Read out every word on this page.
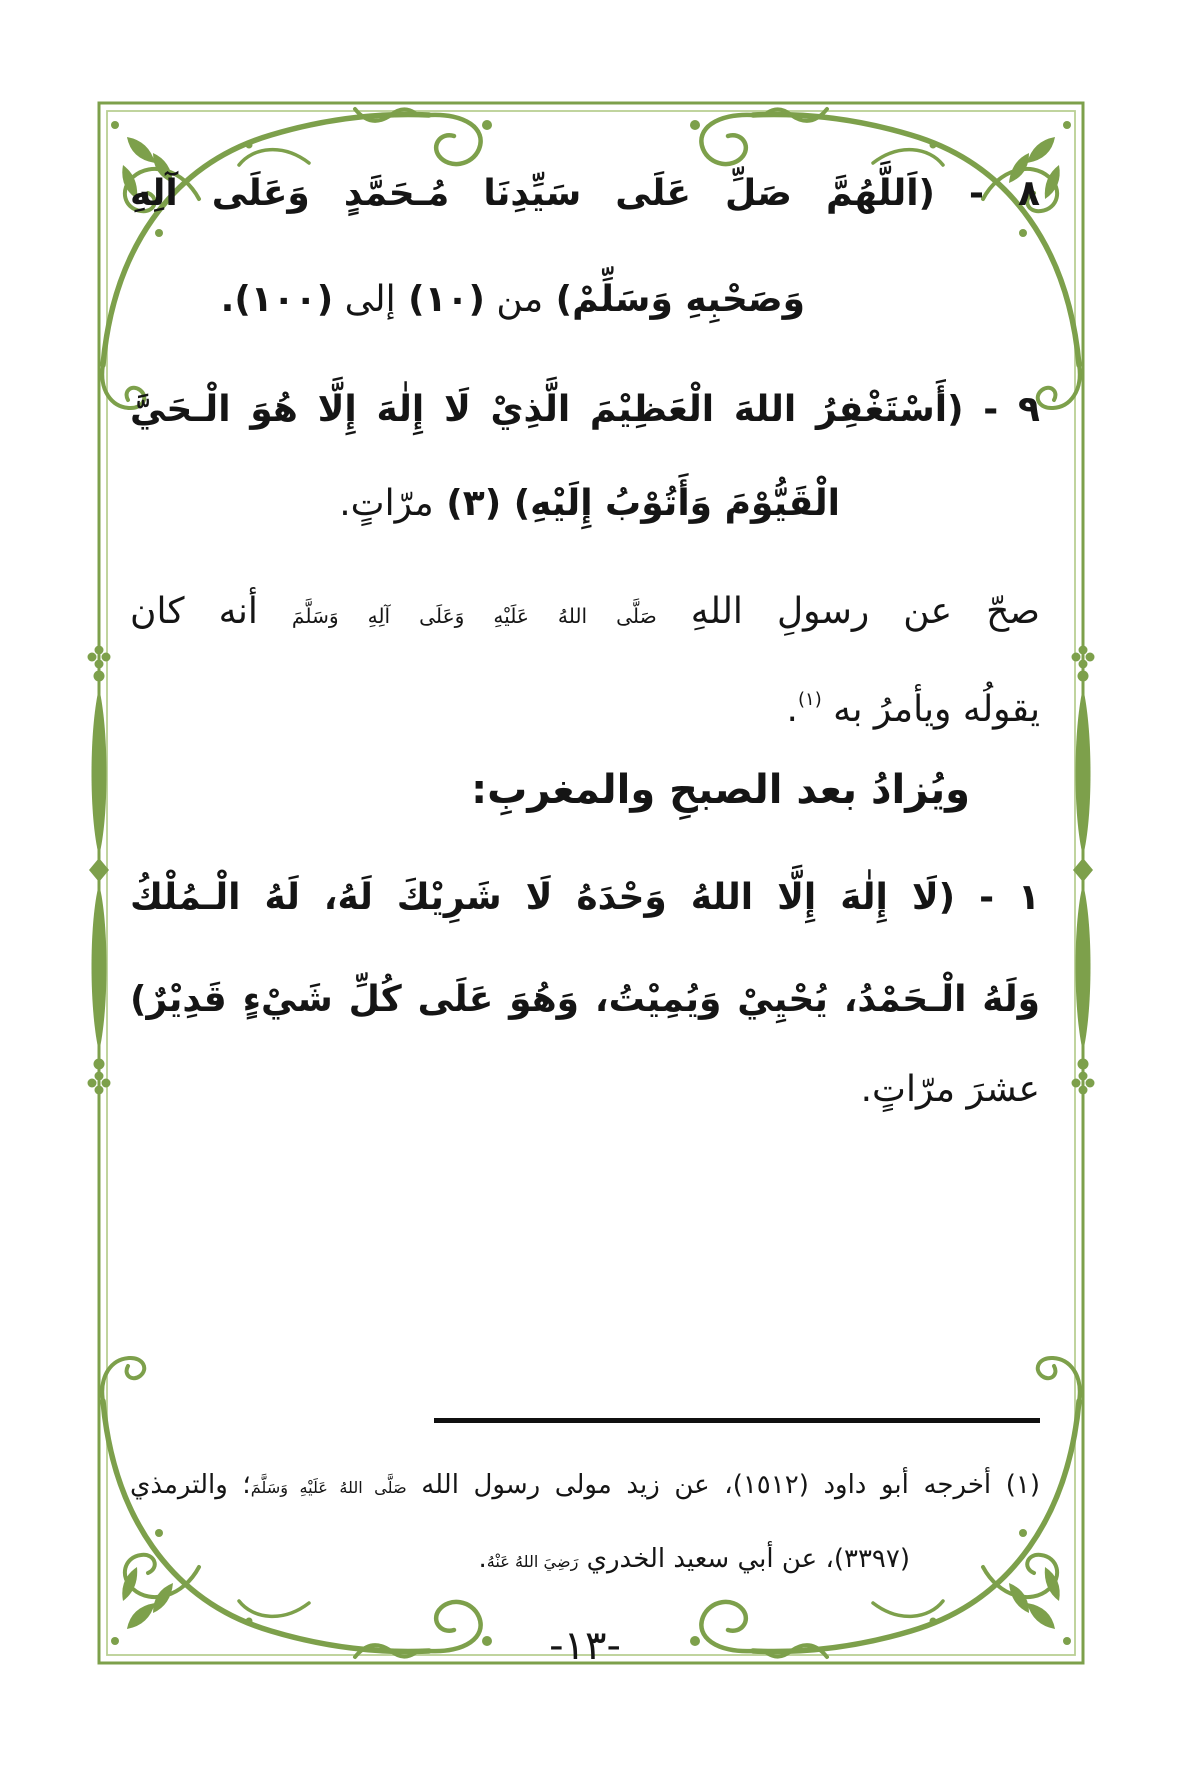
٨ - (اَللَّهُمَّ صَلِّ عَلَى سَيِّدِنَا مُـحَمَّدٍ وَعَلَى آلِهِ
وَصَحْبِهِ وَسَلِّمْ) من (١٠) إلى (١٠٠).
٩ - (أَسْتَغْفِرُ اللهَ الْعَظِيْمَ الَّذِيْ لَا إِلٰهَ إِلَّا هُوَ الْـحَيَّ
الْقَيُّوْمَ وَأَتُوْبُ إِلَيْهِ) (٣) مرّاتٍ.
صحّ عن رسولِ اللهِ صَلَّى اللهُ عَلَيْهِ وَعَلَى آلِهِ وَسَلَّمَ أنه كان
يقولُه ويأمرُ به $^{(١)}$.
ويُزادُ بعد الصبحِ والمغربِ:
١ - (لَا إِلٰهَ إِلَّا اللهُ وَحْدَهُ لَا شَرِيْكَ لَهُ، لَهُ الْـمُلْكُ
وَلَهُ الْـحَمْدُ، يُحْيِيْ وَيُمِيْتُ، وَهُوَ عَلَى كُلِّ شَيْءٍ قَدِيْرٌ)
عشرَ مرّاتٍ.
(١) أخرجه أبو داود (١٥١٢)، عن زيد مولى رسول الله صَلَّى اللهُ عَلَيْهِ وَسَلَّمَ؛ والترمذي
(٣٣٩٧)، عن أبي سعيد الخدري رَضِيَ اللهُ عَنْهُ.
-١٣-
